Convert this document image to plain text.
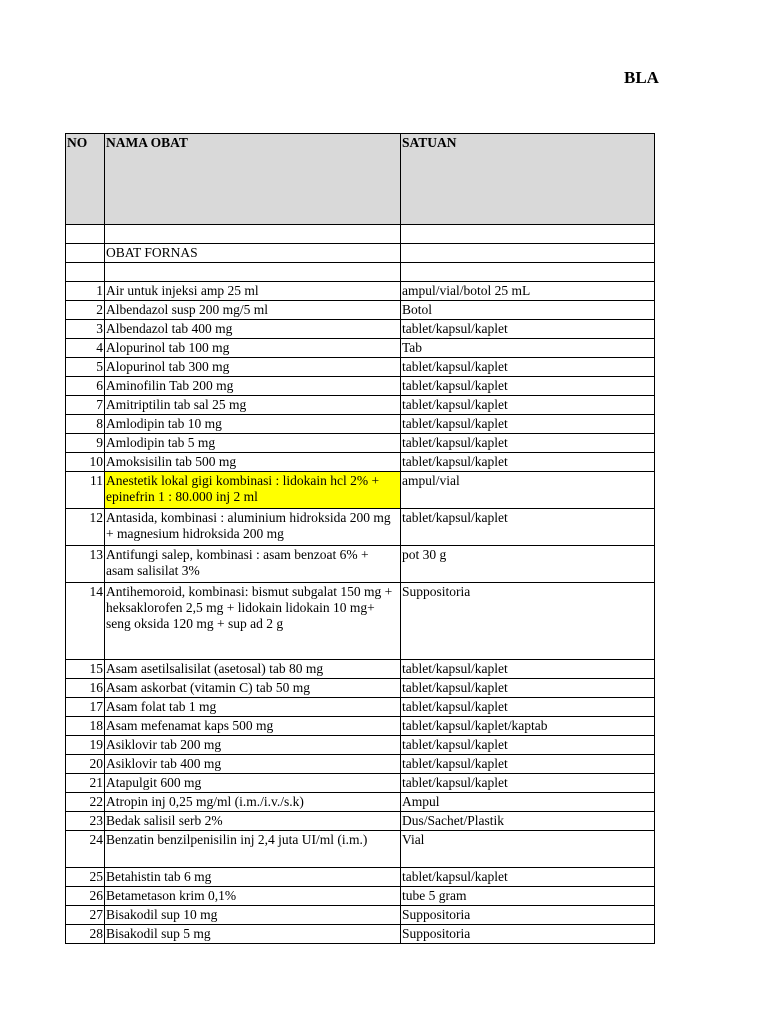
BLA
NO	NAMA OBAT	SATUAN

	OBAT FORNAS	

1	Air untuk injeksi amp 25 ml	ampul/vial/botol 25 mL
2	Albendazol susp 200 mg/5 ml	Botol
3	Albendazol tab 400 mg	tablet/kapsul/kaplet
4	Alopurinol tab 100 mg	Tab
5	Alopurinol tab 300 mg	tablet/kapsul/kaplet
6	Aminofilin Tab 200 mg	tablet/kapsul/kaplet
7	Amitriptilin tab sal 25 mg	tablet/kapsul/kaplet
8	Amlodipin tab 10 mg	tablet/kapsul/kaplet
9	Amlodipin tab 5 mg	tablet/kapsul/kaplet
10	Amoksisilin tab 500 mg	tablet/kapsul/kaplet
11	Anestetik lokal gigi kombinasi : lidokain hcl 2% + epinefrin 1 : 80.000 inj 2 ml	ampul/vial
12	Antasida, kombinasi : aluminium hidroksida 200 mg + magnesium hidroksida 200 mg	tablet/kapsul/kaplet
13	Antifungi salep, kombinasi : asam benzoat 6% + asam salisilat 3%	pot 30 g
14	Antihemoroid, kombinasi: bismut subgalat 150 mg + heksaklorofen 2,5 mg + lidokain lidokain 10 mg+ seng oksida 120 mg + sup ad 2 g	Suppositoria
15	Asam asetilsalisilat (asetosal) tab 80 mg	tablet/kapsul/kaplet
16	Asam askorbat (vitamin C) tab 50 mg	tablet/kapsul/kaplet
17	Asam folat tab 1 mg	tablet/kapsul/kaplet
18	Asam mefenamat kaps 500 mg	tablet/kapsul/kaplet/kaptab
19	Asiklovir tab 200 mg	tablet/kapsul/kaplet
20	Asiklovir tab 400 mg	tablet/kapsul/kaplet
21	Atapulgit 600 mg	tablet/kapsul/kaplet
22	Atropin inj 0,25 mg/ml (i.m./i.v./s.k)	Ampul
23	Bedak salisil serb 2%	Dus/Sachet/Plastik
24	Benzatin benzilpenisilin inj 2,4 juta UI/ml (i.m.)	Vial
25	Betahistin tab 6 mg	tablet/kapsul/kaplet
26	Betametason krim 0,1%	tube 5 gram
27	Bisakodil sup 10 mg	Suppositoria
28	Bisakodil sup 5 mg	Suppositoria
